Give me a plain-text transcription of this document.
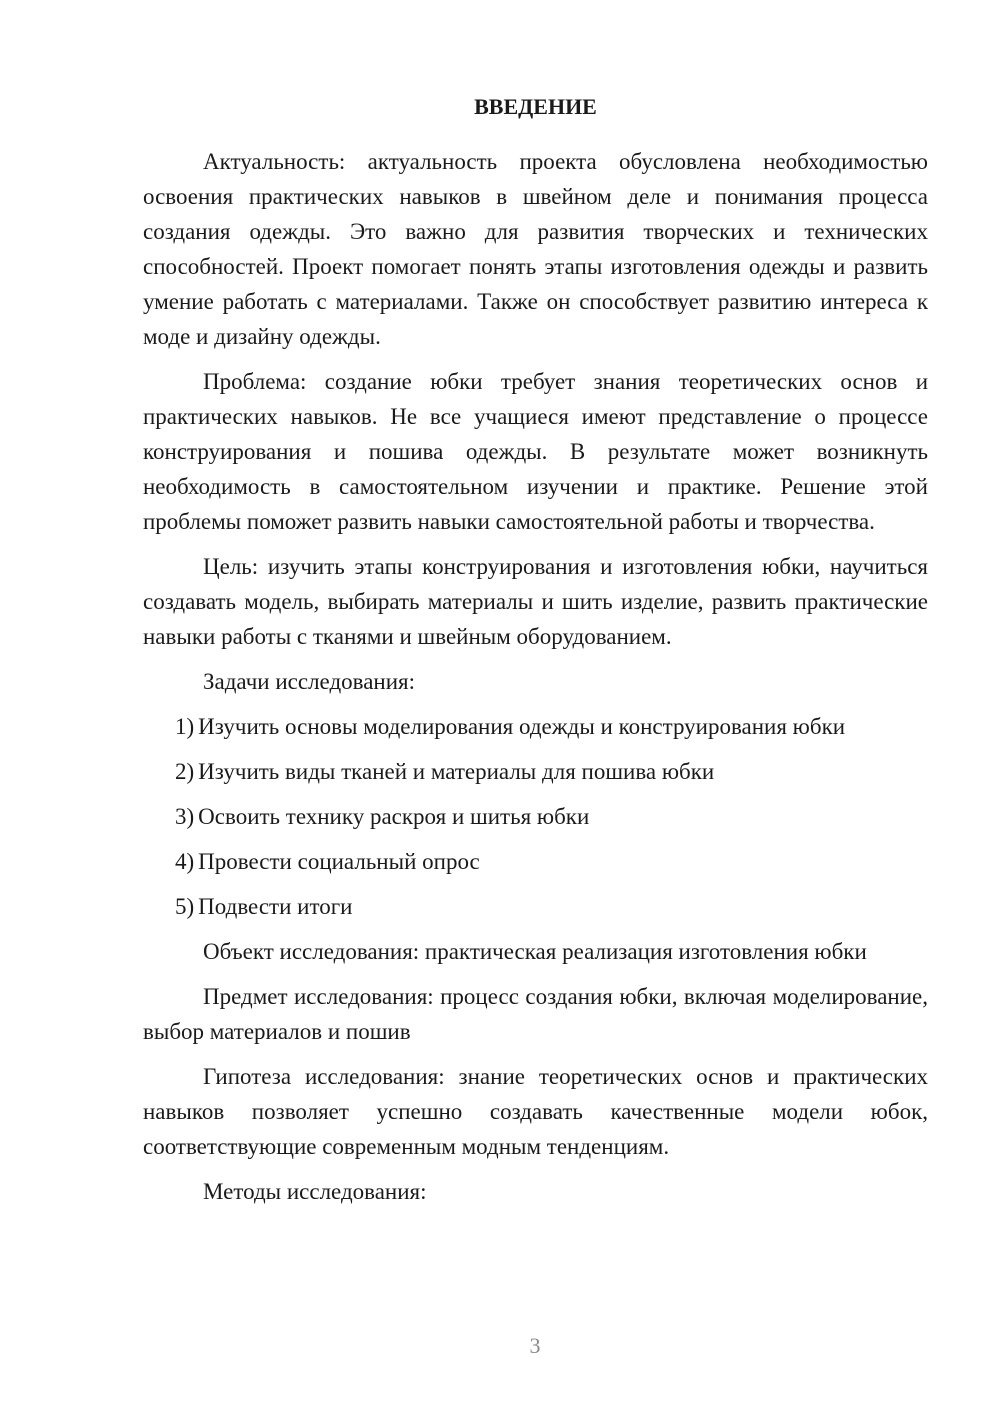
ВВЕДЕНИЕ

Актуальность: актуальность проекта обусловлена необходимостью освоения практических навыков в швейном деле и понимания процесса создания одежды. Это важно для развития творческих и технических способностей. Проект помогает понять этапы изготовления одежды и развить умение работать с материалами. Также он способствует развитию интереса к моде и дизайну одежды.

Проблема: создание юбки требует знания теоретических основ и практических навыков. Не все учащиеся имеют представление о процессе конструирования и пошива одежды. В результате может возникнуть необходимость в самостоятельном изучении и практике. Решение этой проблемы поможет развить навыки самостоятельной работы и творчества.

Цель: изучить этапы конструирования и изготовления юбки, научиться создавать модель, выбирать материалы и шить изделие, развить практические навыки работы с тканями и швейным оборудованием.

Задачи исследования:

1) Изучить основы моделирования одежды и конструирования юбки
2) Изучить виды тканей и материалы для пошива юбки
3) Освоить технику раскроя и шитья юбки
4) Провести социальный опрос
5) Подвести итоги

Объект исследования: практическая реализация изготовления юбки

Предмет исследования: процесс создания юбки, включая моделирование, выбор материалов и пошив

Гипотеза исследования: знание теоретических основ и практических навыков позволяет успешно создавать качественные модели юбок, соответствующие современным модным тенденциям.

Методы исследования:

3
